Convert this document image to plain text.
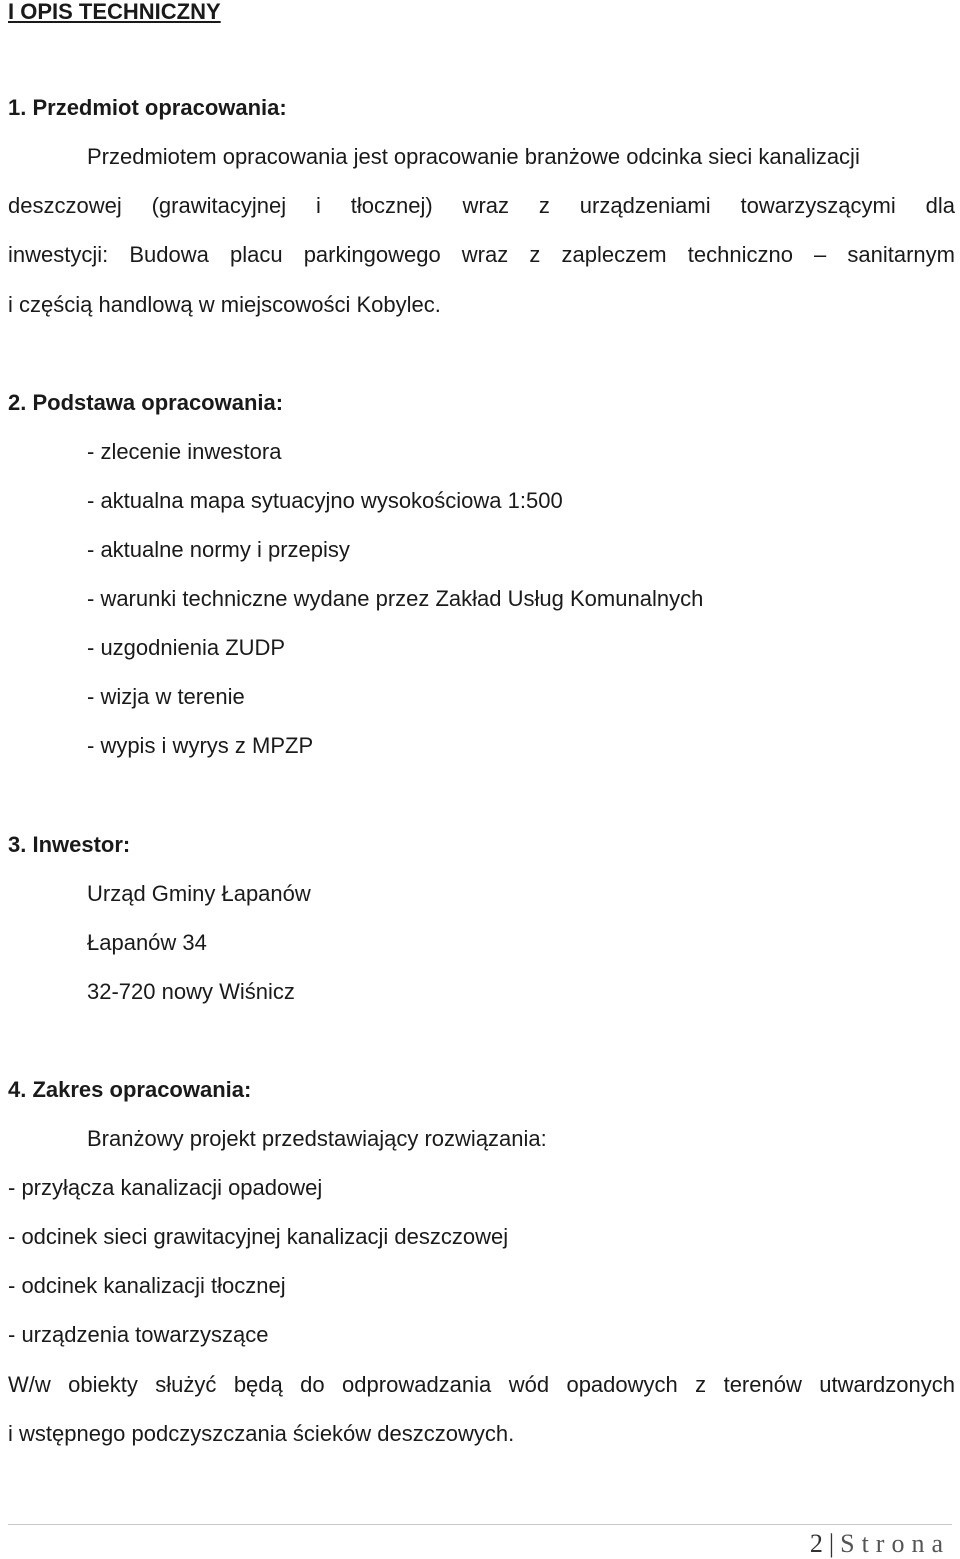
I OPIS TECHNICZNY
1. Przedmiot opracowania:
Przedmiotem opracowania jest opracowanie branżowe odcinka sieci kanalizacji
deszczowej (grawitacyjnej i tłocznej) wraz z urządzeniami towarzyszącymi dla
inwestycji: Budowa placu parkingowego wraz z zapleczem techniczno – sanitarnym
i częścią handlową w miejscowości Kobylec.
2. Podstawa opracowania:
- zlecenie inwestora
- aktualna mapa sytuacyjno wysokościowa 1:500
- aktualne normy i przepisy
- warunki techniczne wydane przez Zakład Usług Komunalnych
- uzgodnienia ZUDP
- wizja w terenie
- wypis i wyrys z MPZP
3. Inwestor:
Urząd Gminy Łapanów
Łapanów 34
32-720 nowy Wiśnicz
4. Zakres opracowania:
Branżowy projekt przedstawiający rozwiązania:
- przyłącza kanalizacji opadowej
- odcinek sieci grawitacyjnej kanalizacji deszczowej
- odcinek kanalizacji tłocznej
- urządzenia towarzyszące
W/w obiekty służyć będą do odprowadzania wód opadowych z terenów utwardzonych
i wstępnego podczyszczania ścieków deszczowych.
2 | Strona
